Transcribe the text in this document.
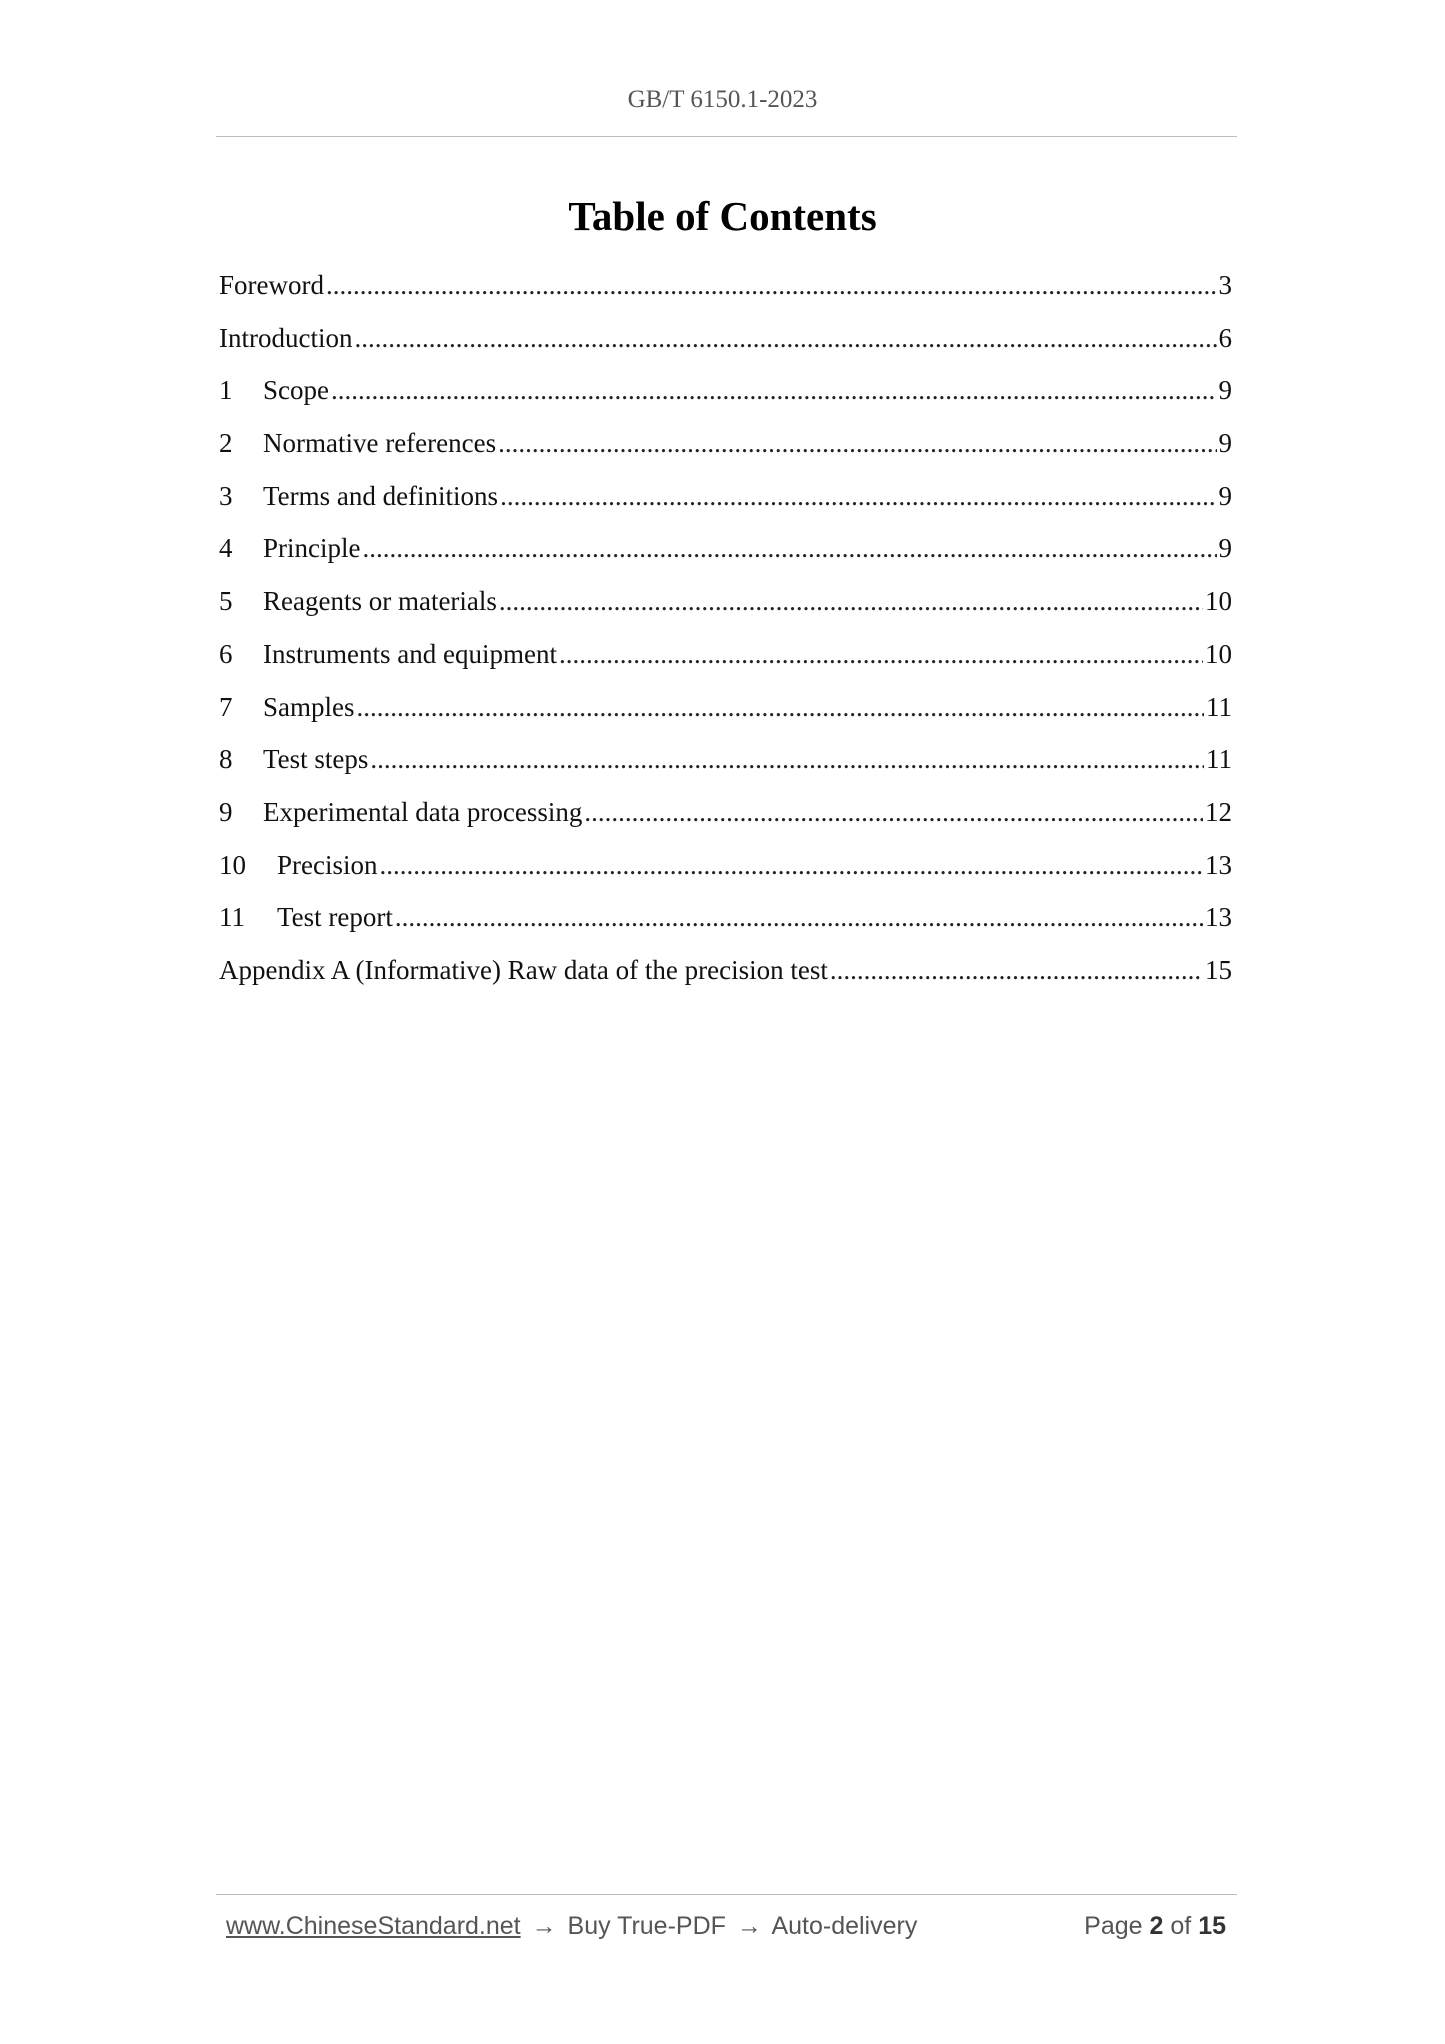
GB/T 6150.1-2023
Table of Contents
Foreword .....	3
Introduction .....	6
1	Scope .....	9
2	Normative references .....	9
3	Terms and definitions .....	9
4	Principle .....	9
5	Reagents or materials .....	10
6	Instruments and equipment .....	10
7	Samples .....	11
8	Test steps .....	11
9	Experimental data processing .....	12
10	Precision .....	13
11	Test report .....	13
Appendix A (Informative) Raw data of the precision test .....	15
www.ChineseStandard.net → Buy True-PDF → Auto-delivery	Page 2 of 15
